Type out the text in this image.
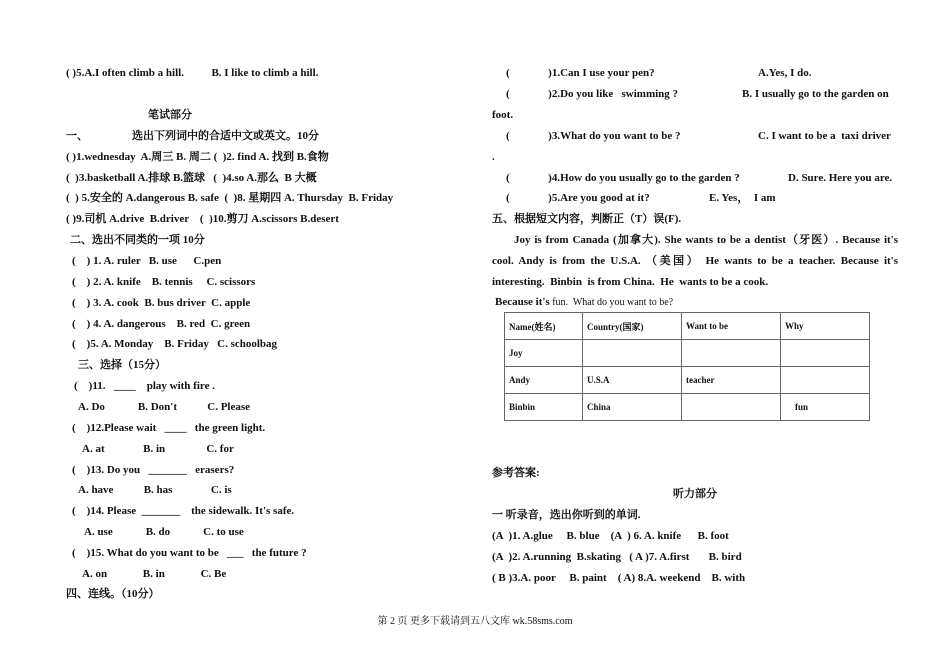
( )5.A.I often climb a hill.          B. I like to climb a hill.
笔试部分
一、                选出下列词中的合适中文或英文。10分
( )1.wednesday  A.周三 B. 周二 (  )2. find A. 找到 B.食物
(  )3.basketball A.排球 B.篮球   (  )4.so A.那么  B 大概
(  ) 5.安全的 A.dangerous B. safe  (  )8. 星期四 A. Thursday  B. Friday
( )9.司机 A.drive  B.driver    (  )10.剪刀 A.scissors B.desert
二、选出不同类的一项 10分
(    ) 1. A. ruler   B. use      C.pen
(    ) 2. A. knife    B. tennis     C. scissors
(    ) 3. A. cook  B. bus driver  C. apple
(    ) 4. A. dangerous    B. red  C. green
(    )5. A. Monday    B. Friday   C. schoolbag
三、选择（15分）
(    )11.   ____    play with fire .
A. Do            B. Don't           C. Please
(    )12.Please wait   ____   the green light.
A. at              B. in               C. for
(    )13. Do you   _______   erasers?
A. have           B. has              C. is
(    )14. Please  _______    the sidewalk. It's safe.
A. use            B. do            C. to use
(    )15. What do you want to be   ___   the future ?
A. on             B. in             C. Be
四、连线。（10分）
(              )1.Can I use your pen?	A.Yes, I do.
(              )2.Do you like   swimming ?	B. I usually go to the garden on
foot.
(              )3.What do you want to be ?	C. I want to be a  taxi driver
.
(              )4.How do you usually go to the garden ?	D. Sure. Here you are.
(              )5.Are you good at it?	E. Yes，  I am
五、根据短文内容，判断正（T）误(F).
Joy is from Canada (加拿大). She wants to be a dentist（牙医）. Because it's
cool. Andy is from the U.S.A. （美国） He wants to be a teacher. Because it's
interesting.  Binbin  is from China.  He  wants to be a cook.
Because it's fun.  What do you want to be?
参考答案:
听力部分
一 听录音，选出你听到的单词.
(A  )1. A.glue     B. blue    (A  ) 6. A. knife      B. foot
(A  )2. A.running  B.skating   ( A )7. A.first       B. bird
( B )3.A. poor     B. paint    ( A) 8.A. weekend    B. with
Name(姓名)	Country(国家)	Want to be	Why
Joy			
Andy	U.S.A	teacher	
Binbin	China		fun
第 2 页 更多下载请到五八文库 wk.58sms.com
